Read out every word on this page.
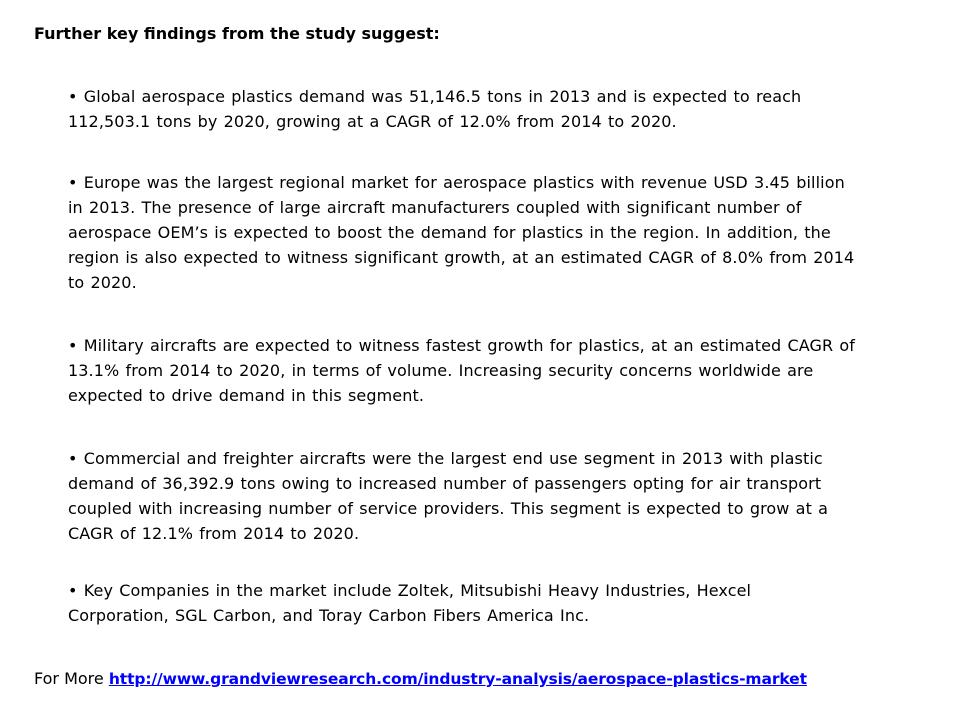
Further key findings from the study suggest:
• Global aerospace plastics demand was 51,146.5 tons in 2013 and is expected to reach 112,503.1 tons by 2020, growing at a CAGR of 12.0% from 2014 to 2020.
• Europe was the largest regional market for aerospace plastics with revenue USD 3.45 billion in 2013. The presence of large aircraft manufacturers coupled with significant number of aerospace OEM’s is expected to boost the demand for plastics in the region. In addition, the region is also expected to witness significant growth, at an estimated CAGR of 8.0% from 2014 to 2020.
• Military aircrafts are expected to witness fastest growth for plastics, at an estimated CAGR of 13.1% from 2014 to 2020, in terms of volume. Increasing security concerns worldwide are expected to drive demand in this segment.
• Commercial and freighter aircrafts were the largest end use segment in 2013 with plastic demand of 36,392.9 tons owing to increased number of passengers opting for air transport coupled with increasing number of service providers. This segment is expected to grow at a CAGR of 12.1% from 2014 to 2020.
• Key Companies in the market include Zoltek, Mitsubishi Heavy Industries, Hexcel Corporation, SGL Carbon, and Toray Carbon Fibers America Inc.
For More http://www.grandviewresearch.com/industry-analysis/aerospace-plastics-market
